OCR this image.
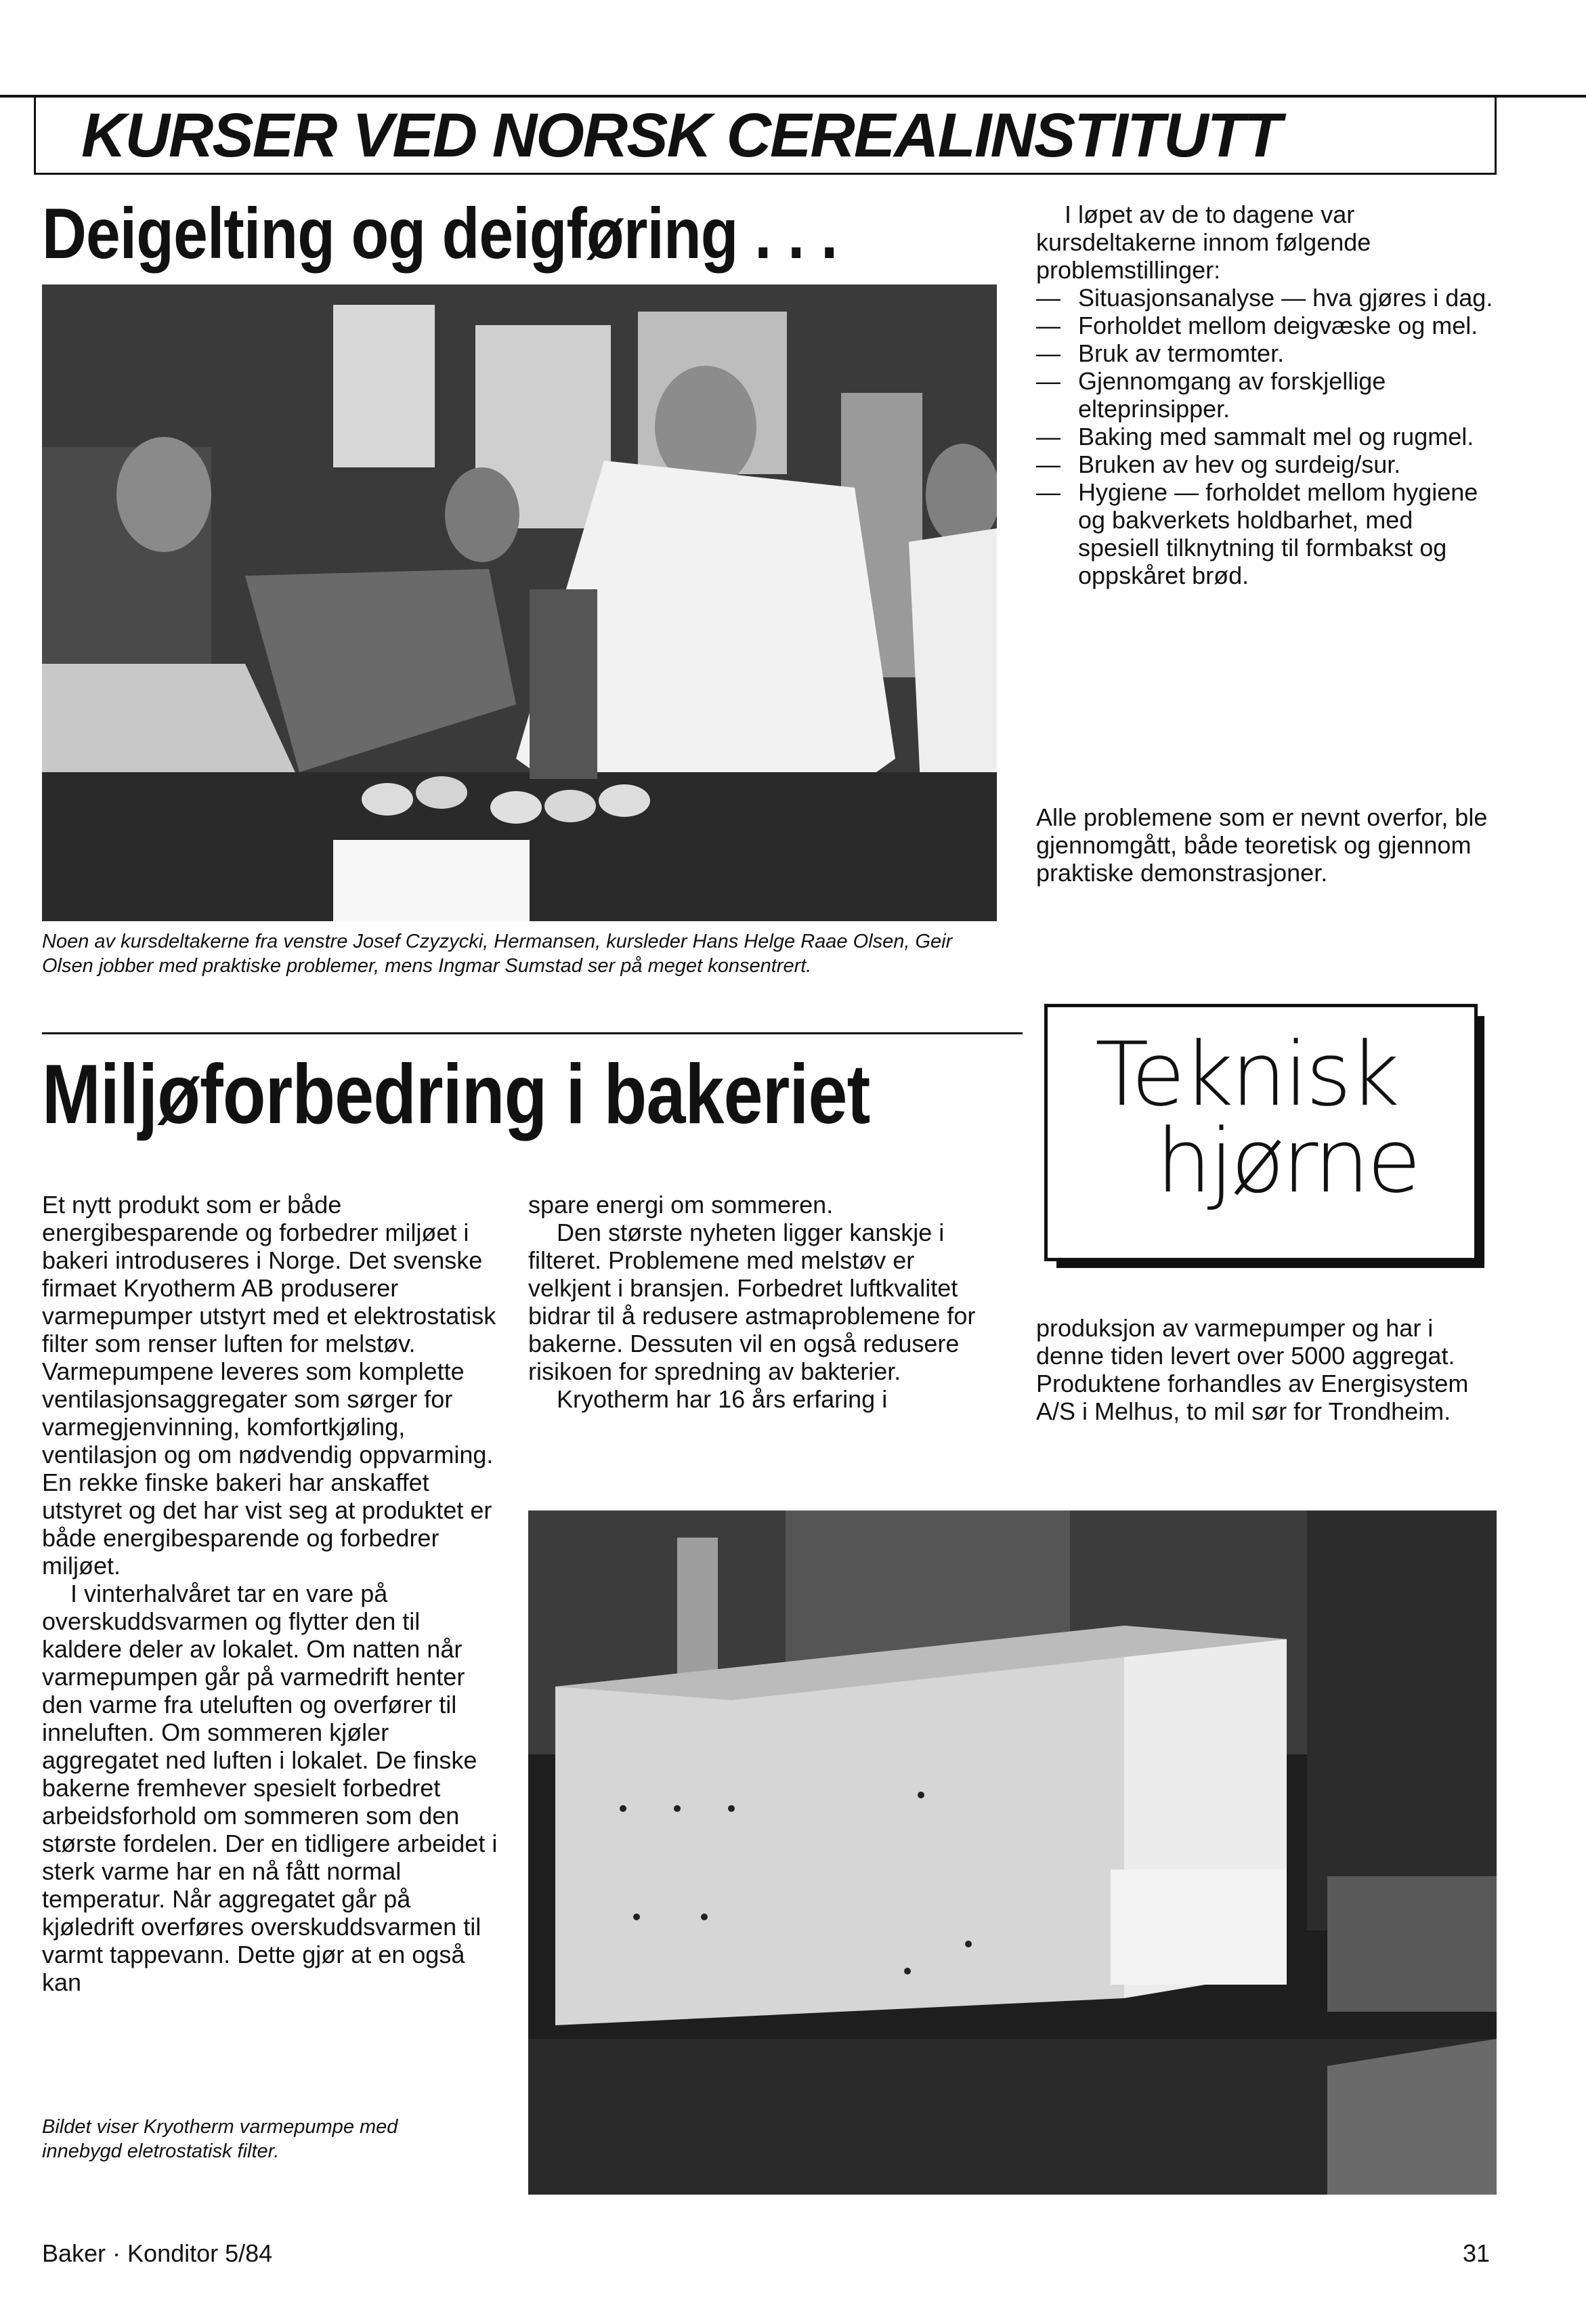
KURSER VED NORSK CEREALINSTITUTT
Deigelting og deigføring . . .
Noen av kursdeltakerne fra venstre Josef Czyzycki, Hermansen, kursleder Hans Helge Raae Olsen, Geir Olsen jobber med praktiske problemer, mens Ingmar Sumstad ser på meget konsentrert.

I løpet av de to dagene var kursdeltakerne innom følgende problemstillinger:

— Situasjonsanalyse — hva gjøres i dag.
— Forholdet mellom deigvæske og mel.
— Bruk av termomter.
— Gjennomgang av forskjellige elteprinsipper.
— Baking med sammalt mel og rugmel.
— Bruken av hev og surdeig/sur.
— Hygiene — forholdet mellom hygiene og bakverkets holdbarhet, med spesiell tilknytning til formbakst og oppskåret brød.

Alle problemene som er nevnt overfor, ble gjennomgått, både teoretisk og gjennom praktiske demonstrasjoner.

Miljøforbedring i bakeriet	Teknisk
hjørne

Et nytt produkt som er både energibesparende og forbedrer miljøet i bakeri introduseres i Norge. Det svenske firmaet Kryotherm AB produserer varmepumper utstyrt med et elektrostatisk filter som renser luften for melstøv. Varmepumpene leveres som komplette ventilasjonsaggregater som sørger for varmegjenvinning, komfortkjøling, ventilasjon og om nødvendig oppvarming. En rekke finske bakeri har anskaffet utstyret og det har vist seg at produktet er både energibesparende og forbedrer miljøet.

I vinterhalvåret tar en vare på overskuddsvarmen og flytter den til kaldere deler av lokalet. Om natten når varmepumpen går på varmedrift henter den varme fra uteluften og overfører til inneluften. Om sommeren kjøler aggregatet ned luften i lokalet. De finske bakerne fremhever spesielt forbedret arbeidsforhold om sommeren som den største fordelen. Der en tidligere arbeidet i sterk varme har en nå fått normal temperatur. Når aggregatet går på kjøledrift overføres overskuddsvarmen til varmt tappevann. Dette gjør at en også kan

spare energi om sommeren.

Den største nyheten ligger kanskje i filteret. Problemene med melstøv er velkjent i bransjen. Forbedret luftkvalitet bidrar til å redusere astmaproblemene for bakerne. Dessuten vil en også redusere risikoen for spredning av bakterier.

Kryotherm har 16 års erfaring i

produksjon av varmepumper og har i denne tiden levert over 5000 aggregat. Produktene forhandles av Energisystem A/S i Melhus, to mil sør for Trondheim.

Bildet viser Kryotherm varmepumpe med innebygd eletrostatisk filter.
Baker · Konditor 5/84	31
